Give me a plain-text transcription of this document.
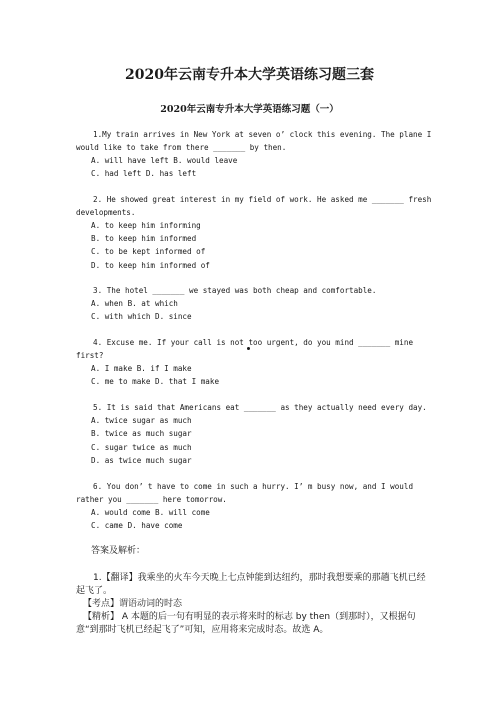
2020年云南专升本大学英语练习题三套
2020年云南专升本大学英语练习题（一）
1.My train arrives in New York at seven o’ clock this evening. The plane I
would like to take from there _______ by then.
A. will have left B. would leave
C. had left D. has left
2. He showed great interest in my field of work. He asked me _______ fresh
developments.
A. to keep him informing
B. to keep him informed
C. to be kept informed of
D. to keep him informed of
3. The hotel _______ we stayed was both cheap and comfortable.
A. when B. at which
C. with which D. since
4. Excuse me. If your call is not too urgent, do you mind _______ mine
first?
A. I make B. if I make
C. me to make D. that I make
5. It is said that Americans eat _______ as they actually need every day.
A. twice sugar as much
B. twice as much sugar
C. sugar twice as much
D. as twice much sugar
6. You don’ t have to come in such a hurry. I’ m busy now, and I would
rather you _______ here tomorrow.
A. would come B. will come
C. came D. have come
答案及解析：
1.【翻译】我乘坐的火车今天晚上七点钟能到达纽约，那时我想要乘的那趟飞机已经
起飞了。
【考点】谓语动词的时态
【精析】 A 本题的后一句有明显的表示将来时的标志 by then（到那时），又根据句
意“到那时飞机已经起飞了”可知，应用将来完成时态。故选 A。
